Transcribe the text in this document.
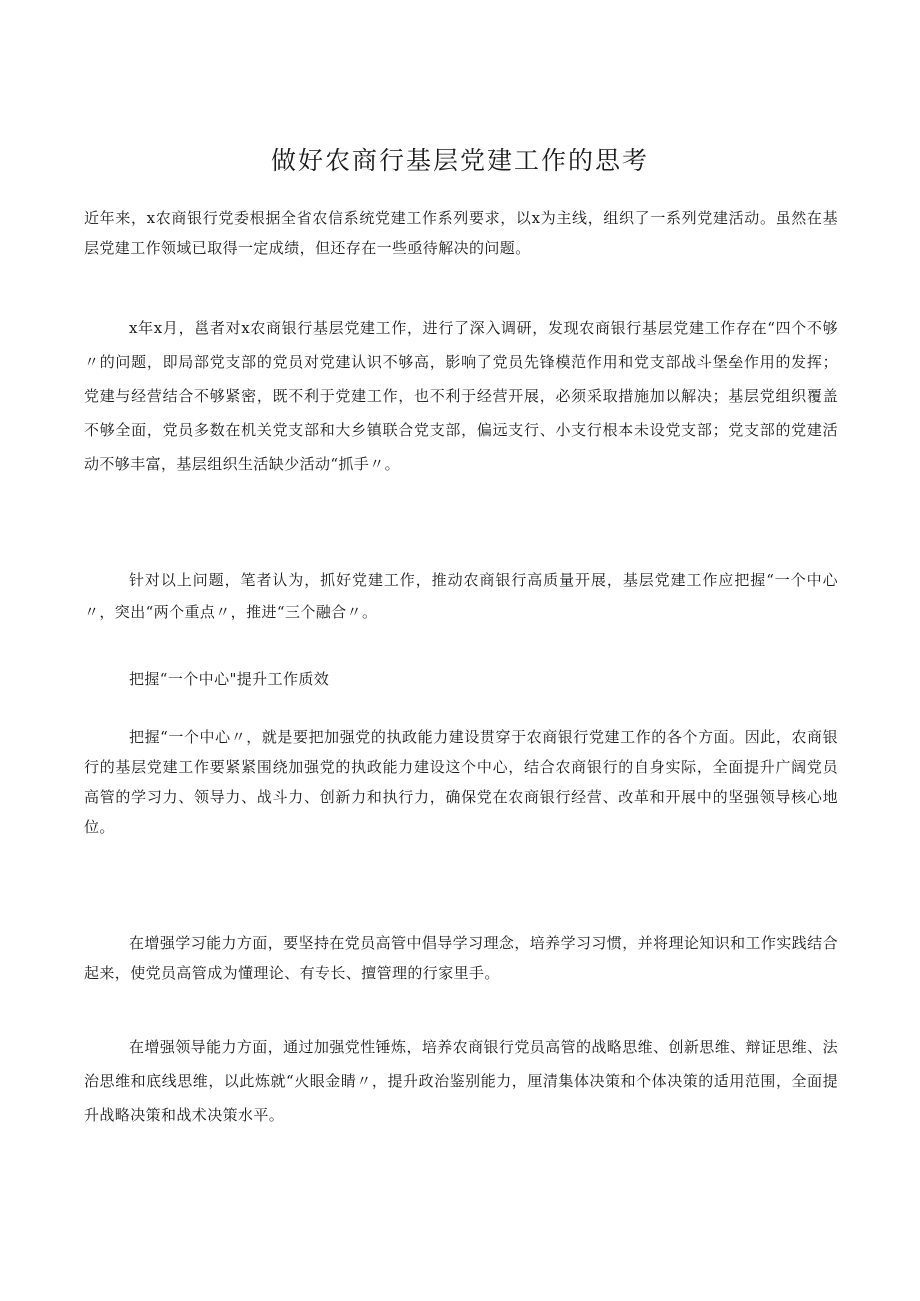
做好农商行基层党建工作的思考

近年来，x农商银行党委根据全省农信系统党建工作系列要求，以x为主线，组织了一系列党建活动。虽然在基层党建工作领域已取得一定成绩，但还存在一些亟待解决的问题。

x年x月，邕者对x农商银行基层党建工作，进行了深入调研，发现农商银行基层党建工作存在“四个不够〃的问题，即局部党支部的党员对党建认识不够高，影响了党员先锋模范作用和党支部战斗堡垒作用的发挥；党建与经营结合不够紧密，既不利于党建工作，也不利于经营开展，必须采取措施加以解决；基层党组织覆盖不够全面，党员多数在机关党支部和大乡镇联合党支部，偏远支行、小支行根本未设党支部；党支部的党建活动不够丰富，基层组织生活缺少活动“抓手〃。

针对以上问题，笔者认为，抓好党建工作，推动农商银行高质量开展，基层党建工作应把握“一个中心〃，突出“两个重点〃，推进“三个融合〃。

把握“一个中心"提升工作质效

把握“一个中心〃，就是要把加强党的执政能力建设贯穿于农商银行党建工作的各个方面。因此，农商银行的基层党建工作要紧紧围绕加强党的执政能力建设这个中心，结合农商银行的自身实际，全面提升广阔党员高管的学习力、领导力、战斗力、创新力和执行力，确保党在农商银行经营、改革和开展中的坚强领导核心地位。

在增强学习能力方面，要坚持在党员高管中倡导学习理念，培养学习习惯，并将理论知识和工作实践结合起来，使党员高管成为懂理论、有专长、擅管理的行家里手。

在增强领导能力方面，通过加强党性锤炼，培养农商银行党员高管的战略思维、创新思维、辩证思维、法治思维和底线思维，以此炼就“火眼金睛〃，提升政治鉴别能力，厘清集体决策和个体决策的适用范围，全面提升战略决策和战术决策水平。
